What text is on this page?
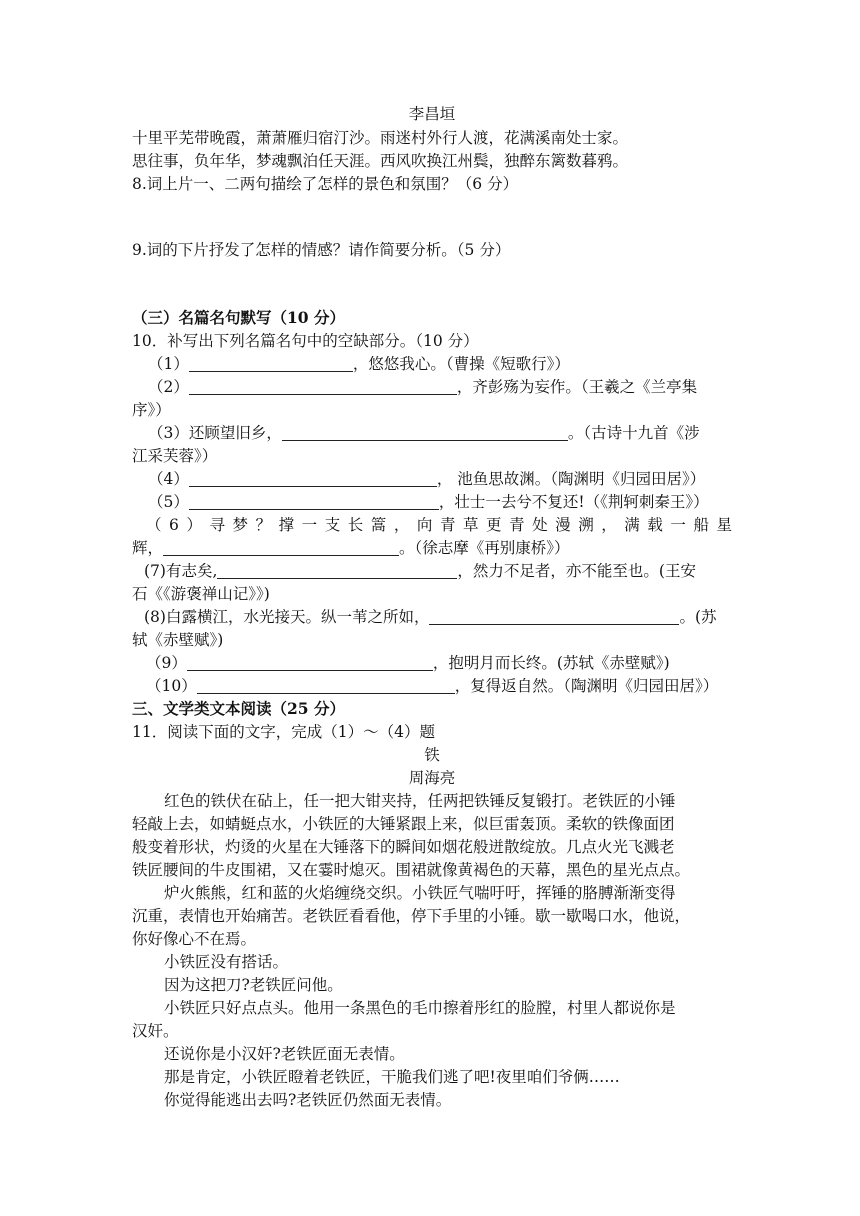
李昌垣
十里平芜带晚霞，萧萧雁归宿汀沙。雨迷村外行人渡，花满溪南处士家。
思往事，负年华，梦魂飘泊任天涯。西风吹换江州鬓，独醉东篱数暮鸦。
8.词上片一、二两句描绘了怎样的景色和氛围？（6 分）
9.词的下片抒发了怎样的情感？请作简要分析。（5 分）
（三）名篇名句默写（10 分）
10．补写出下列名篇名句中的空缺部分。（10 分）
（1）	，悠悠我心。（曹操《短歌行》）
（2）	，齐彭殇为妄作。（王羲之《兰亭集
序》）
（3）还顾望旧乡，	。（古诗十九首《涉
江采芙蓉》）
（4）	， 池鱼思故渊。（陶渊明《归园田居》）
（5）	，壮士一去兮不复还!（《荆轲刺秦王》）
（6）寻梦？撑一支长篙，向青草更青处漫溯，满载一船星
辉，	。（徐志摩《再别康桥》）
(7)有志矣,	，然力不足者，亦不能至也。(王安
石《《游褒禅山记》》)
(8)白露横江，水光接天。纵一苇之所如，	。(苏
轼《赤壁赋》)
（9）	，抱明月而长终。(苏轼《赤壁赋》)
（10）	，复得返自然。（陶渊明《归园田居》）
三、文学类文本阅读（25 分）
11．阅读下面的文字，完成（1）～（4）题
铁
周海亮
红色的铁伏在砧上，任一把大钳夹持，任两把铁锤反复锻打。老铁匠的小锤
轻敲上去，如蜻蜓点水，小铁匠的大锤紧跟上来，似巨雷轰顶。柔软的铁像面团
般变着形状，灼烫的火星在大锤落下的瞬间如烟花般迸散绽放。几点火光飞溅老
铁匠腰间的牛皮围裙，又在霎时熄灭。围裙就像黄褐色的天幕，黑色的星光点点。
炉火熊熊，红和蓝的火焰缠绕交织。小铁匠气喘吁吁，挥锤的胳膊渐渐变得
沉重，表情也开始痛苦。老铁匠看看他，停下手里的小锤。歇一歇喝口水，他说，
你好像心不在焉。
小铁匠没有搭话。
因为这把刀?老铁匠问他。
小铁匠只好点点头。他用一条黑色的毛巾擦着彤红的脸膛，村里人都说你是
汉奸。
还说你是小汉奸?老铁匠面无表情。
那是肯定，小铁匠瞪着老铁匠，干脆我们逃了吧!夜里咱们爷俩……
你觉得能逃出去吗?老铁匠仍然面无表情。
